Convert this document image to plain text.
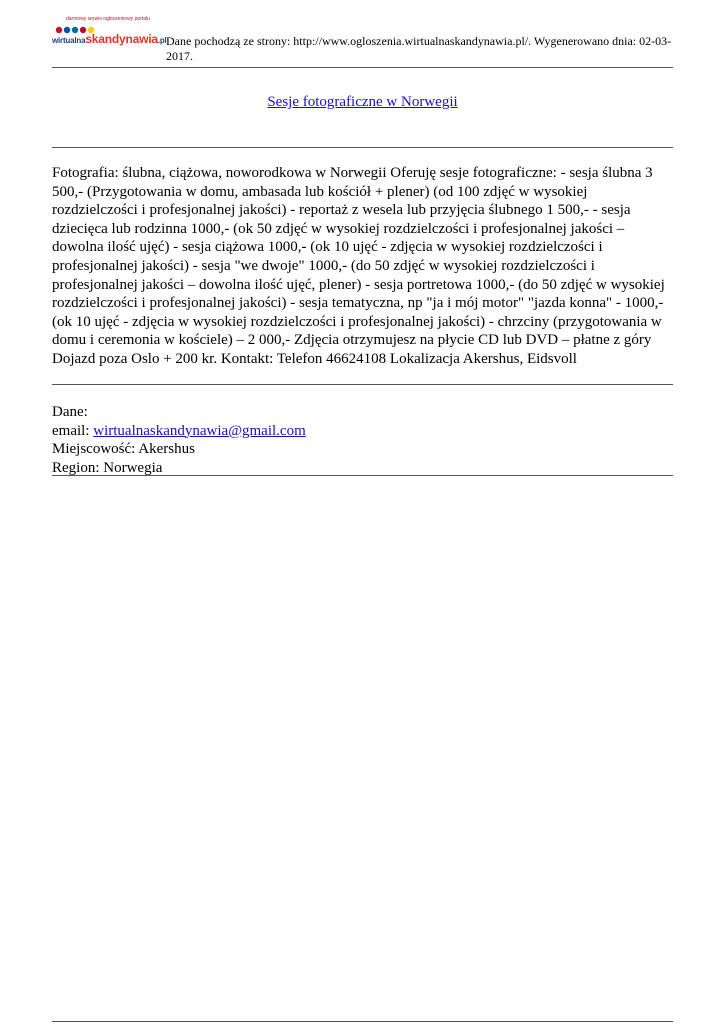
darmowy serwis ogłoszeniowy portalu
wirtualnaskandynawia.pl Dane pochodzą ze strony: http://www.ogloszenia.wirtualnaskandynawia.pl/. Wygenerowano dnia: 02-03-2017.
Sesje fotograficzne w Norwegii
Fotografia: ślubna, ciążowa, noworodkowa w Norwegii Oferuję sesje fotograficzne: - sesja ślubna 3 500,- (Przygotowania w domu, ambasada lub kościół + plener) (od 100 zdjęć w wysokiej rozdzielczości i profesjonalnej jakości) - reportaż z wesela lub przyjęcia ślubnego 1 500,- - sesja dziecięca lub rodzinna 1000,- (ok 50 zdjęć w wysokiej rozdzielczości i profesjonalnej jakości – dowolna ilość ujęć) - sesja ciążowa 1000,- (ok 10 ujęć - zdjęcia w wysokiej rozdzielczości i profesjonalnej jakości) - sesja "we dwoje" 1000,- (do 50 zdjęć w wysokiej rozdzielczości i profesjonalnej jakości – dowolna ilość ujęć, plener) - sesja portretowa 1000,- (do 50 zdjęć w wysokiej rozdzielczości i profesjonalnej jakości) - sesja tematyczna, np "ja i mój motor" "jazda konna" - 1000,- (ok 10 ujęć - zdjęcia w wysokiej rozdzielczości i profesjonalnej jakości) - chrzciny (przygotowania w domu i ceremonia w kościele) – 2 000,- Zdjęcia otrzymujesz na płycie CD lub DVD – płatne z góry Dojazd poza Oslo + 200 kr. Kontakt: Telefon 46624108 Lokalizacja Akershus, Eidsvoll
Dane:
email: wirtualnaskandynawia@gmail.com
Miejscowość: Akershus
Region: Norwegia
